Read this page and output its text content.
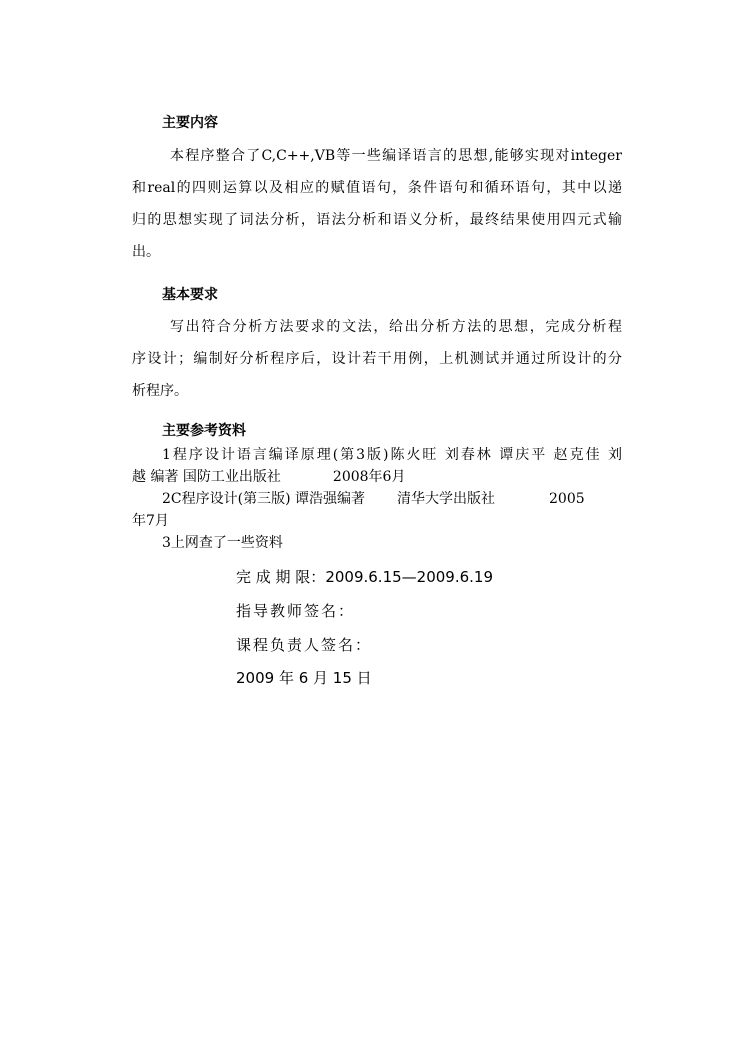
主要内容
本程序整合了C,C++,VB等一些编译语言的思想,能够实现对integer
和real的四则运算以及相应的赋值语句，条件语句和循环语句，其中以递
归的思想实现了词法分析，语法分析和语义分析，最终结果使用四元式输
出。
基本要求
写出符合分析方法要求的文法，给出分析方法的思想，完成分析程
序设计；编制好分析程序后，设计若干用例，上机测试并通过所设计的分
析程序。
主要参考资料
1程序设计语言编译原理(第3版)陈火旺 刘春林 谭庆平 赵克佳 刘
越 编著 国防工业出版社	2008年6月
2C程序设计(第三版) 谭浩强编著 清华大学出版社	2005
年7月
3上网查了一些资料
完 成 期 限：2009.6.15—2009.6.19
指导教师签名：
课程负责人签名：
2009 年 6 月 15 日
